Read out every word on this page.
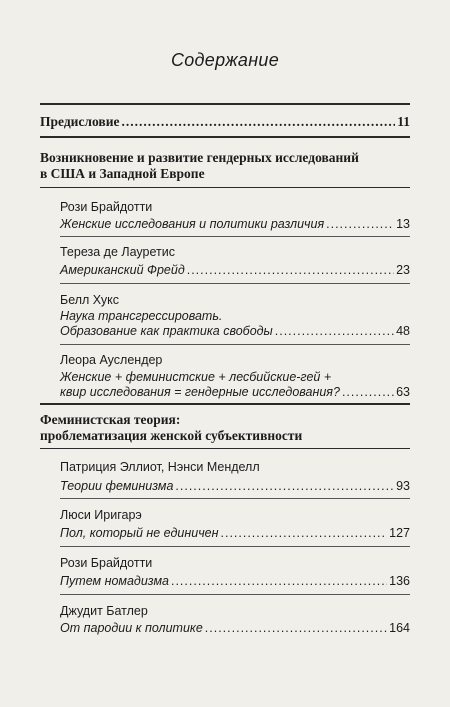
Содержание
Предисловие .....	11
Возникновение и развитие гендерных исследований
в США и Западной Европе
Рози Брайдотти
Женские исследования и политики различия .....	13
Тереза де Лауретис
Американский Фрейд .....	23
Белл Хукс
Наука трансгрессировать.
Образование как практика свободы .....	48
Леора Ауслендер
Женские + феминистские + лесбийские-гей +
квир исследования = гендерные исследования? .....	63
Феминистская теория:
проблематизация женской субъективности
Патриция Эллиот, Нэнси Менделл
Теории феминизма .....	93
Люси Иригарэ
Пол, который не единичен .....	127
Рози Брайдотти
Путем номадизма .....	136
Джудит Батлер
От пародии к политике .....	164
